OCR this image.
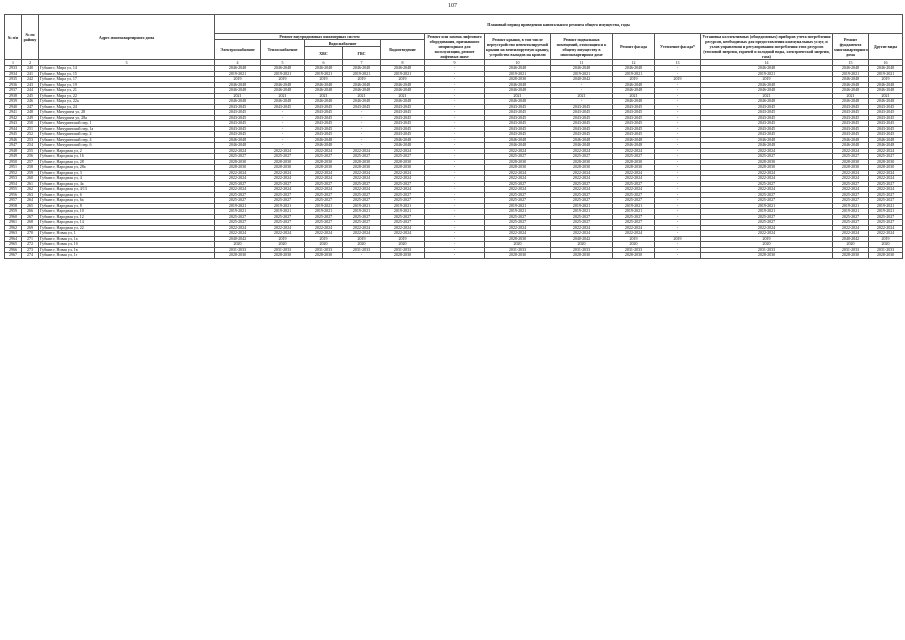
107
№ п/п	№ по району	Адрес многоквартирного дома	Плановый период проведения капитального ремонта общего имущества, годы												
			Ремонт внутридомовых инженерных систем					Ремонт или замена лифтового оборудования, признанного непригодным для эксплуатации, ремонт лифтовых шахт	Ремонт крыши, в том числе переустройство невентилируемой крыши на вентилируемую крышу, устройство выходов на кровлю	Ремонт подвальных помещений, относящихся к общему имуществу в многоквартирном доме	Ремонт фасада	Утепление фасада*	Установка коллективных (общедомовых) приборов учета потребления ресурсов, необходимых для предоставления коммунальных услуг, и узлов управления и регулирования потребления этих ресурсов (тепловой энергии, горячей и холодной воды, электрической энергии, газа)	Ремонт фундамента многоквартирного дома	Другие виды
			Электроснабжение	Теплоснабжение	Водоснабжение		Водоотведение								
					ХВС	ГВС									
1	2	3	4	5	6	7	8	9	10	11	12	13	14	15	16
2933	240	Губкин г, Мира ул, 14	2046-2048	2046-2048	2046-2048	2046-2048	2046-2048	-	2046-2048	2046-2048	2046-2048	-	2046-2048	2046-2048	2046-2048
2934	241	Губкин г, Мира ул, 15	2019-2021	2019-2021	2019-2021	2019-2021	2019-2021	-	2019-2021	2019-2021	2019-2021	-	2019-2021	2019-2021	2019-2021
2935	242	Губкин г, Мира ул, 17	2019	2019	2019	2019	2019	-	2028-2030	2040-2042	2019	2019	2019	2046-2048	2019
2936	243	Губкин г, Мира ул, 19	2046-2048	2046-2048	2046-2048	2046-2048	2046-2048	-	2046-2048	-	2046-2048	-	2046-2048	2046-2048	2046-2048
2937	244	Губкин г, Мира ул, 21	2046-2048	2046-2048	2046-2048	2046-2048	2046-2048	-	2046-2048	-	2046-2048	-	2046-2048	2046-2048	2046-2048
2938	245	Губкин г, Мира ул, 22	2021	2021	2021	2021	2021	-	2021	2021	2021	-	2021	2021	2021
2939	246	Губкин г, Мира ул, 22а	2046-2048	2046-2048	2046-2048	2046-2048	2046-2048	-	2046-2048	-	2046-2048	-	2046-2048	2046-2048	2046-2048
2940	247	Губкин г, Мира ул, 24	2043-2045	2043-2045	2043-2045	2043-2045	2043-2045	-	2043-2045	2043-2045	2043-2045	-	2043-2045	2043-2045	2043-2045
2941	248	Губкин г, Мичурина ул, 28	2043-2045	-	2043-2045	-	2043-2045	-	2043-2045	2043-2045	2043-2045	-	2043-2045	2043-2045	2043-2045
2942	249	Губкин г, Мичурина ул, 28а	2043-2045	-	2043-2045	-	2043-2045	-	2043-2045	2043-2045	2043-2045	-	2043-2045	2043-2045	2043-2045
2943	250	Губкин г, Мичуринский пер, 1	2043-2045	-	2043-2045	-	2043-2045	-	2043-2045	2043-2045	2043-2045	-	2043-2045	2043-2045	2043-2045
2944	251	Губкин г, Мичуринский пер, 1а	2043-2045	-	2043-2045	-	2043-2045	-	2043-2045	2043-2045	2043-2045	-	2043-2045	2043-2045	2043-2045
2945	252	Губкин г, Мичуринский пер, 2	2043-2045	-	2043-2045	-	2043-2045	-	2043-2045	2043-2045	2043-2045	-	2043-2045	2043-2045	2043-2045
2946	253	Губкин г, Мичуринский пер, 4	2046-2048	-	2046-2048	-	2046-2048	-	2046-2048	2046-2048	2046-2048	-	2046-2048	2046-2048	2046-2048
2947	254	Губкин г, Мичуринский пер, 6	2046-2048	-	2046-2048	-	2046-2048	-	2046-2048	2046-2048	2046-2048	-	2046-2048	2046-2048	2046-2048
2948	255	Губкин г, Народная ул, 2	2022-2024	2022-2024	2022-2024	2022-2024	2022-2024	-	2022-2024	2022-2024	2022-2024	-	2022-2024	2022-2024	2022-2024
2949	256	Губкин г, Народная ул, 16	2025-2027	2025-2027	2025-2027	2025-2027	2025-2027	-	2025-2027	2025-2027	2025-2027	-	2025-2027	2025-2027	2025-2027
2950	257	Губкин г, Народная ул, 28	2028-2030	2028-2030	2028-2030	2028-2030	2028-2030	-	2028-2030	2028-2030	2028-2030	-	2028-2030	2028-2030	2028-2030
2951	258	Губкин г, Народная ул, 28а	2028-2030	2028-2030	2028-2030	2028-2030	2028-2030	-	2028-2030	2028-2030	2028-2030	-	2028-2030	2028-2030	2028-2030
2952	259	Губкин г, Народная ул, 3	2022-2024	2022-2024	2022-2024	2022-2024	2022-2024	-	2022-2024	2022-2024	2022-2024	-	2022-2024	2022-2024	2022-2024
2953	260	Губкин г, Народная ул, 4	2022-2024	2022-2024	2022-2024	2022-2024	2022-2024	-	2022-2024	2022-2024	2022-2024	-	2022-2024	2022-2024	2022-2024
2954	261	Губкин г, Народная ул, 4а	2025-2027	2025-2027	2025-2027	2025-2027	2025-2027	-	2025-2027	2025-2027	2025-2027	-	2025-2027	2025-2027	2025-2027
2955	262	Губкин г, Народная ул, 4/13	2022-2024	2022-2024	2022-2024	2022-2024	2022-2024	-	2022-2024	2022-2024	2022-2024	-	2022-2024	2022-2024	2022-2024
2956	263	Губкин г, Народная ул, 6	2025-2027	2025-2027	2025-2027	2025-2027	2025-2027	-	2025-2027	2025-2027	2025-2027	-	2025-2027	2025-2027	2025-2027
2957	264	Губкин г, Народная ул, 6а	2025-2027	2025-2027	2025-2027	2025-2027	2025-2027	-	2025-2027	2025-2027	2025-2027	-	2025-2027	2025-2027	2025-2027
2958	265	Губкин г, Народная ул, 8	2019-2021	2019-2021	2019-2021	2019-2021	2019-2021	-	2019-2021	2019-2021	2019-2021	-	2019-2021	2019-2021	2019-2021
2959	266	Губкин г, Народная ул, 10	2019-2021	2019-2021	2019-2021	2019-2021	2019-2021	-	2019-2021	2019-2021	2019-2021	-	2019-2021	2019-2021	2019-2021
2960	267	Губкин г, Народная ул, 12	2025-2027	2025-2027	2025-2027	2025-2027	2025-2027	-	2025-2027	2025-2027	2025-2027	-	2025-2027	2025-2027	2025-2027
2961	268	Губкин г, Народная ул, 14	2025-2027	2025-2027	2025-2027	2025-2027	2025-2027	-	2025-2027	2025-2027	2025-2027	-	2025-2027	2025-2027	2025-2027
2962	269	Губкин г, Народная ул, 22	2022-2024	2022-2024	2022-2024	2022-2024	2022-2024	-	2022-2024	2022-2024	2022-2024	-	2022-2024	2022-2024	2022-2024
2963	270	Губкин г, Новая ул, 1	2022-2024	2022-2024	2022-2024	2022-2024	2022-2024	-	2022-2024	2022-2024	2022-2024	-	2022-2024	2022-2024	2022-2024
2964	271	Губкин г, Новая ул, 1а	2040-2042	2019	2019	2019	2019	-	2028-2030	2040-2042	2019	2019	2019	2040-2042	2019
2965	272	Губкин г, Новая ул, 1б	2020	2020	2020	2020	2020	-	2020	2020	2020	-	2020	2020	2020
2966	273	Губкин г, Новая ул, 1в	2031-2033	2031-2033	2031-2033	2031-2033	2031-2033	-	2031-2033	2031-2033	2031-2033	-	2031-2033	2031-2033	2031-2033
2967	274	Губкин г, Новая ул, 1г	2028-2030	2028-2030	2028-2030	-	2028-2030	-	2028-2030	2028-2030	2028-2030	-	2028-2030	2028-2030	2028-2030
